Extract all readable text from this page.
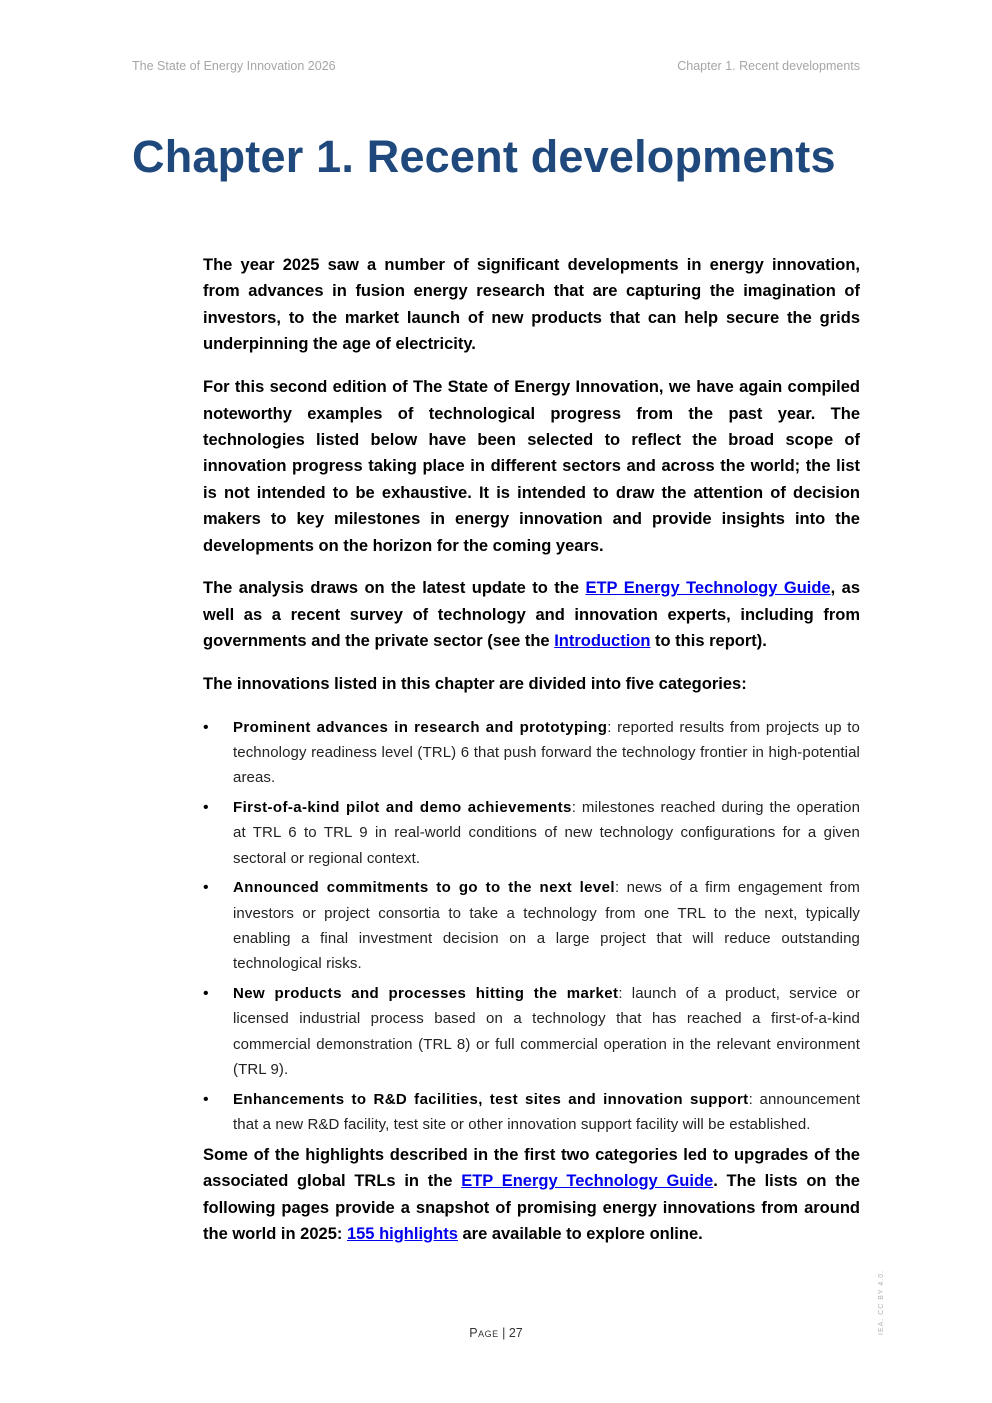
The State of Energy Innovation 2026	Chapter 1. Recent developments
Chapter 1. Recent developments

The year 2025 saw a number of significant developments in energy innovation, from advances in fusion energy research that are capturing the imagination of investors, to the market launch of new products that can help secure the grids underpinning the age of electricity.

For this second edition of The State of Energy Innovation, we have again compiled noteworthy examples of technological progress from the past year. The technologies listed below have been selected to reflect the broad scope of innovation progress taking place in different sectors and across the world; the list is not intended to be exhaustive. It is intended to draw the attention of decision makers to key milestones in energy innovation and provide insights into the developments on the horizon for the coming years.

The analysis draws on the latest update to the ETP Energy Technology Guide, as well as a recent survey of technology and innovation experts, including from governments and the private sector (see the Introduction to this report).

The innovations listed in this chapter are divided into five categories:

• Prominent advances in research and prototyping: reported results from projects up to technology readiness level (TRL) 6 that push forward the technology frontier in high-potential areas.
• First-of-a-kind pilot and demo achievements: milestones reached during the operation at TRL 6 to TRL 9 in real-world conditions of new technology configurations for a given sectoral or regional context.
• Announced commitments to go to the next level: news of a firm engagement from investors or project consortia to take a technology from one TRL to the next, typically enabling a final investment decision on a large project that will reduce outstanding technological risks.
• New products and processes hitting the market: launch of a product, service or licensed industrial process based on a technology that has reached a first-of-a-kind commercial demonstration (TRL 8) or full commercial operation in the relevant environment (TRL 9).
• Enhancements to R&D facilities, test sites and innovation support: announcement that a new R&D facility, test site or other innovation support facility will be established.

Some of the highlights described in the first two categories led to upgrades of the associated global TRLs in the ETP Energy Technology Guide. The lists on the following pages provide a snapshot of promising energy innovations from around the world in 2025: 155 highlights are available to explore online.

Page | 27	IEA. CC BY 4.0.
